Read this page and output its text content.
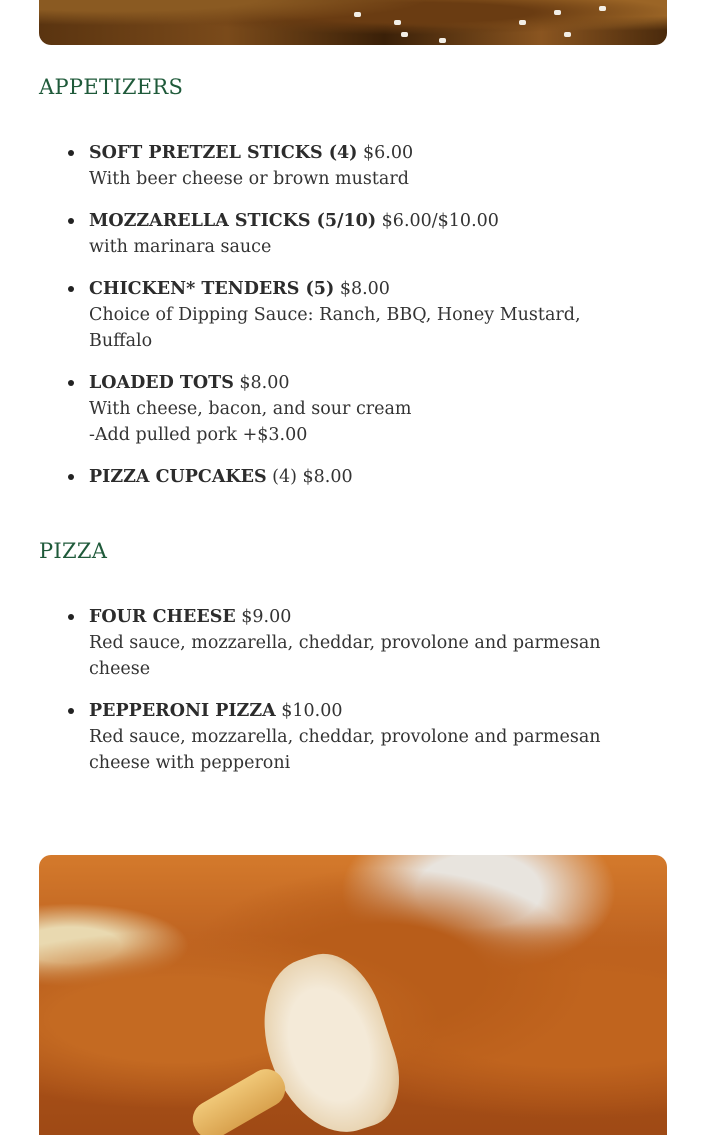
APPETIZERS
SOFT PRETZEL STICKS (4) $6.00
With beer cheese or brown mustard
MOZZARELLA STICKS (5/10) $6.00/$10.00
with marinara sauce
CHICKEN* TENDERS (5) $8.00
Choice of Dipping Sauce: Ranch, BBQ, Honey Mustard, Buffalo
LOADED TOTS $8.00
With cheese, bacon, and sour cream
-Add pulled pork +$3.00
PIZZA CUPCAKES (4) $8.00
PIZZA
FOUR CHEESE $9.00
Red sauce, mozzarella, cheddar, provolone and parmesan cheese
PEPPERONI PIZZA $10.00
Red sauce, mozzarella, cheddar, provolone and parmesan cheese with pepperoni
